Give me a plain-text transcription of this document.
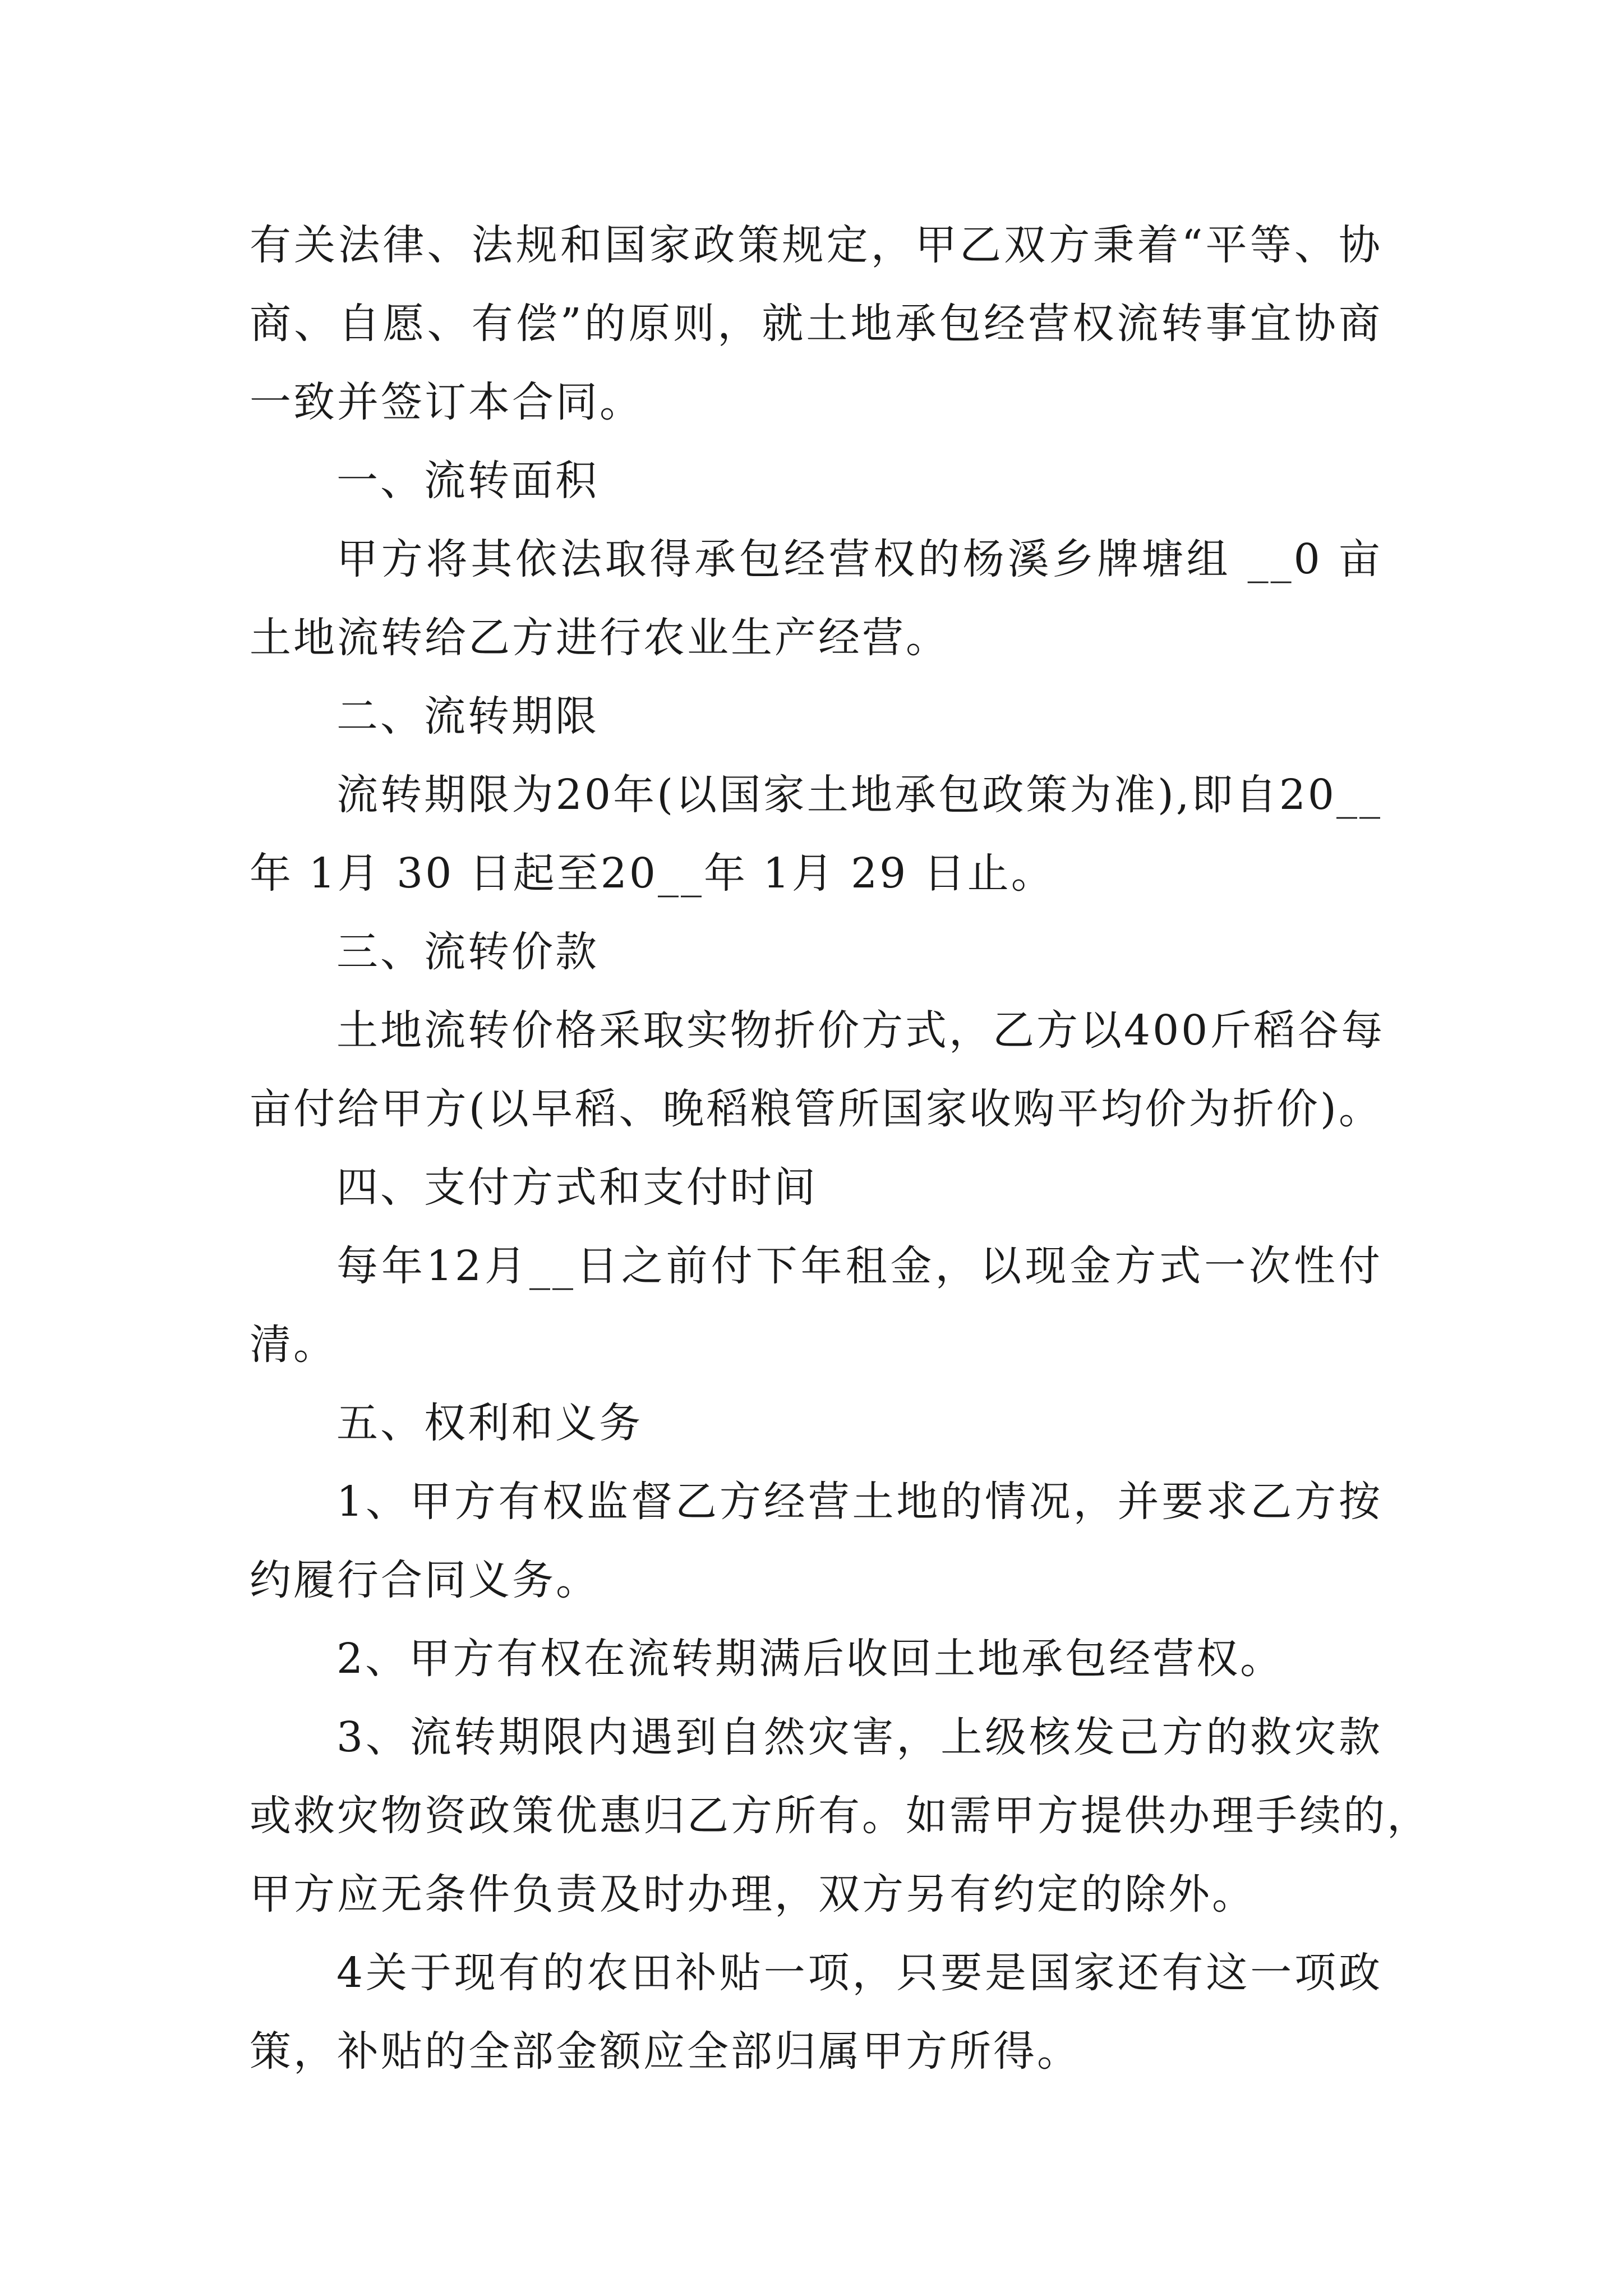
有关法律、法规和国家政策规定，甲乙双方秉着“平等、协

商、自愿、有偿”的原则，就土地承包经营权流转事宜协商

一致并签订本合同。

一、流转面积

甲方将其依法取得承包经营权的杨溪乡牌塘组 __0 亩

土地流转给乙方进行农业生产经营。

二、流转期限

流转期限为20年(以国家土地承包政策为准),即自20__

年 1月 30 日起至20__年 1月 29 日止。

三、流转价款

土地流转价格采取实物折价方式，乙方以400斤稻谷每

亩付给甲方(以早稻、晚稻粮管所国家收购平均价为折价)。

四、支付方式和支付时间

每年12月__日之前付下年租金，以现金方式一次性付

清。

五、权利和义务

1、甲方有权监督乙方经营土地的情况，并要求乙方按

约履行合同义务。

2、甲方有权在流转期满后收回土地承包经营权。

3、流转期限内遇到自然灾害，上级核发己方的救灾款

或救灾物资政策优惠归乙方所有。如需甲方提供办理手续的，

甲方应无条件负责及时办理，双方另有约定的除外。

4关于现有的农田补贴一项，只要是国家还有这一项政

策，补贴的全部金额应全部归属甲方所得。
